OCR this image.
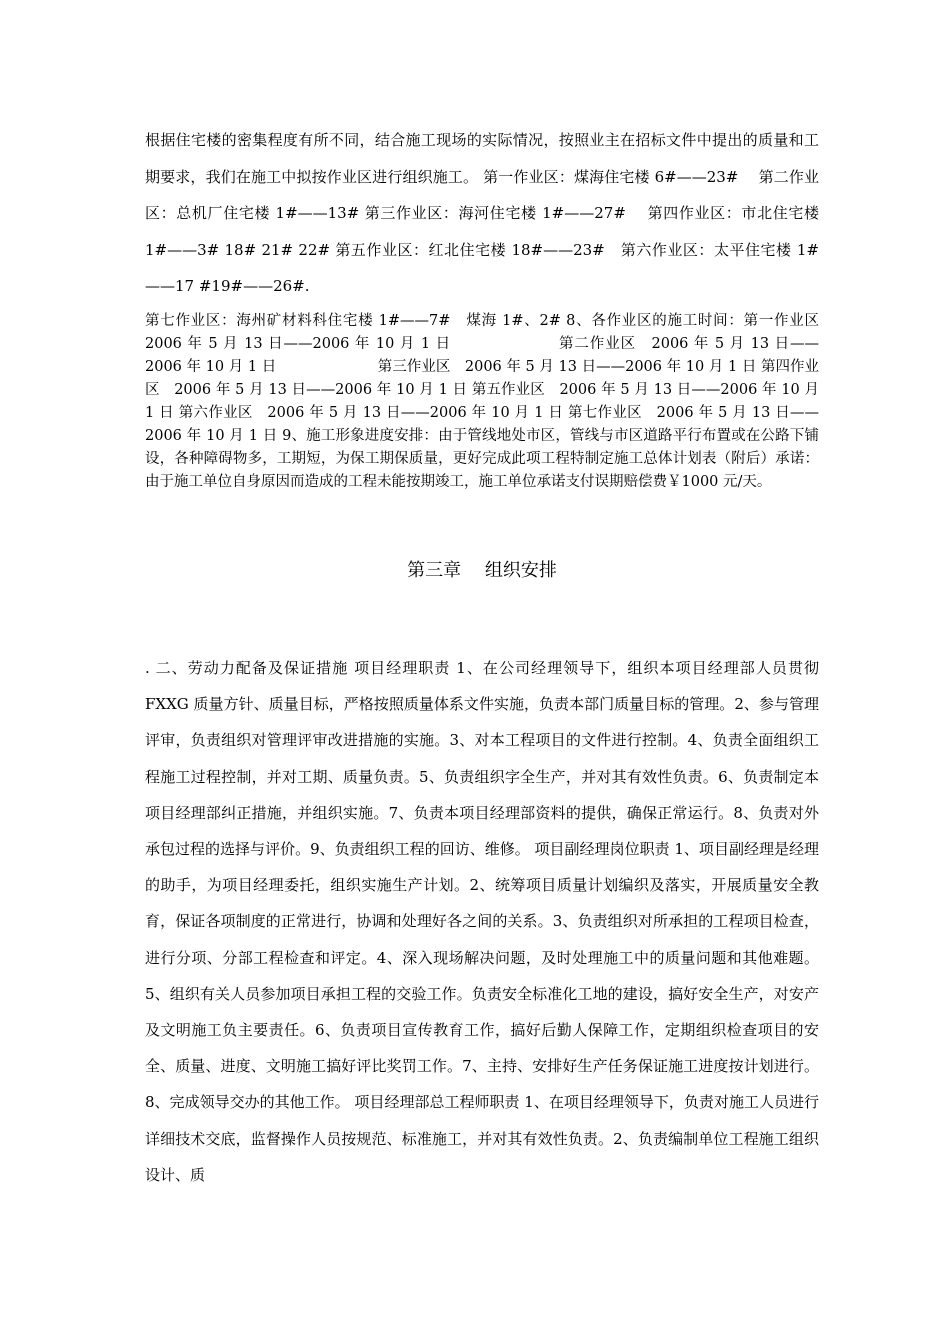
根据住宅楼的密集程度有所不同，结合施工现场的实际情况，按照业主在招标文件中提出的质量和工期要求，我们在施工中拟按作业区进行组织施工。 第一作业区：煤海住宅楼 6#——23#　 第二作业区：总机厂住宅楼 1#——13# 第三作业区：海河住宅楼 1#——27#　 第四作业区：市北住宅楼 1#——3# 18# 21# 22# 第五作业区：红北住宅楼 18#——23#　第六作业区：太平住宅楼 1#——17 #19#——26#.
第七作业区：海州矿材料科住宅楼 1#——7#　煤海 1#、2# 8、各作业区的施工时间：第一作业区　2006 年 5 月 13 日——2006 年 10 月 1 日　　　　　　　第二作业区　2006 年 5 月 13 日——2006 年 10 月 1 日　　　　　　　第三作业区　2006 年 5 月 13 日——2006 年 10 月 1 日 第四作业区　2006 年 5 月 13 日——2006 年 10 月 1 日 第五作业区　2006 年 5 月 13 日——2006 年 10 月 1 日 第六作业区　2006 年 5 月 13 日——2006 年 10 月 1 日 第七作业区　2006 年 5 月 13 日——2006 年 10 月 1 日 9、施工形象进度安排：由于管线地处市区，管线与市区道路平行布置或在公路下铺设，各种障碍物多，工期短，为保工期保质量，更好完成此项工程特制定施工总体计划表（附后）承诺：由于施工单位自身原因而造成的工程未能按期竣工，施工单位承诺支付误期赔偿费￥1000 元/天。
第三章　 组织安排
. 二、劳动力配备及保证措施 项目经理职责 1、在公司经理领导下，组织本项目经理部人员贯彻 FXXG 质量方针、质量目标，严格按照质量体系文件实施，负责本部门质量目标的管理。2、参与管理评审，负责组织对管理评审改进措施的实施。3、对本工程项目的文件进行控制。4、负责全面组织工程施工过程控制，并对工期、质量负责。5、负责组织字全生产，并对其有效性负责。6、负责制定本项目经理部纠正措施，并组织实施。7、负责本项目经理部资料的提供，确保正常运行。8、负责对外承包过程的选择与评价。9、负责组织工程的回访、维修。 项目副经理岗位职责 1、项目副经理是经理的助手，为项目经理委托，组织实施生产计划。2、统筹项目质量计划编织及落实，开展质量安全教育，保证各项制度的正常进行，协调和处理好各之间的关系。3、负责组织对所承担的工程项目检查，进行分项、分部工程检查和评定。4、深入现场解决问题，及时处理施工中的质量问题和其他难题。 5、组织有关人员参加项目承担工程的交验工作。负责安全标准化工地的建设，搞好安全生产，对安产及文明施工负主要责任。6、负责项目宣传教育工作，搞好后勤人保障工作，定期组织检查项目的安全、质量、进度、文明施工搞好评比奖罚工作。7、主持、安排好生产任务保证施工进度按计划进行。8、完成领导交办的其他工作。 项目经理部总工程师职责 1、在项目经理领导下，负责对施工人员进行详细技术交底，监督操作人员按规范、标准施工，并对其有效性负责。2、负责编制单位工程施工组织设计、质
